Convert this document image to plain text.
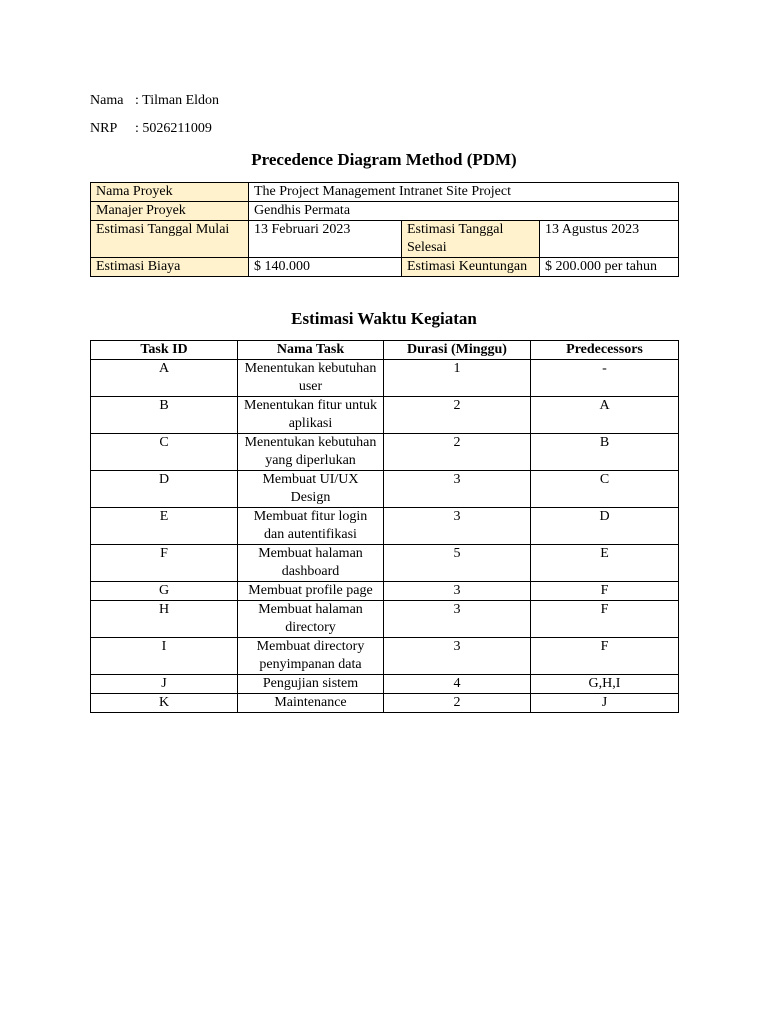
Nama : Tilman Eldon
NRP : 5026211009
Precedence Diagram Method (PDM)
Nama Proyek	The Project Management Intranet Site Project		
Manajer Proyek	Gendhis Permata		
Estimasi Tanggal Mulai	13 Februari 2023	Estimasi Tanggal Selesai	13 Agustus 2023
Estimasi Biaya	$ 140.000	Estimasi Keuntungan	$ 200.000 per tahun
Estimasi Waktu Kegiatan
Task ID	Nama Task	Durasi (Minggu)	Predecessors
A	Menentukan kebutuhan user	1	-
B	Menentukan fitur untuk aplikasi	2	A
C	Menentukan kebutuhan yang diperlukan	2	B
D	Membuat UI/UX Design	3	C
E	Membuat fitur login dan autentifikasi	3	D
F	Membuat halaman dashboard	5	E
G	Membuat profile page	3	F
H	Membuat halaman directory	3	F
I	Membuat directory penyimpanan data	3	F
J	Pengujian sistem	4	G,H,I
K	Maintenance	2	J
